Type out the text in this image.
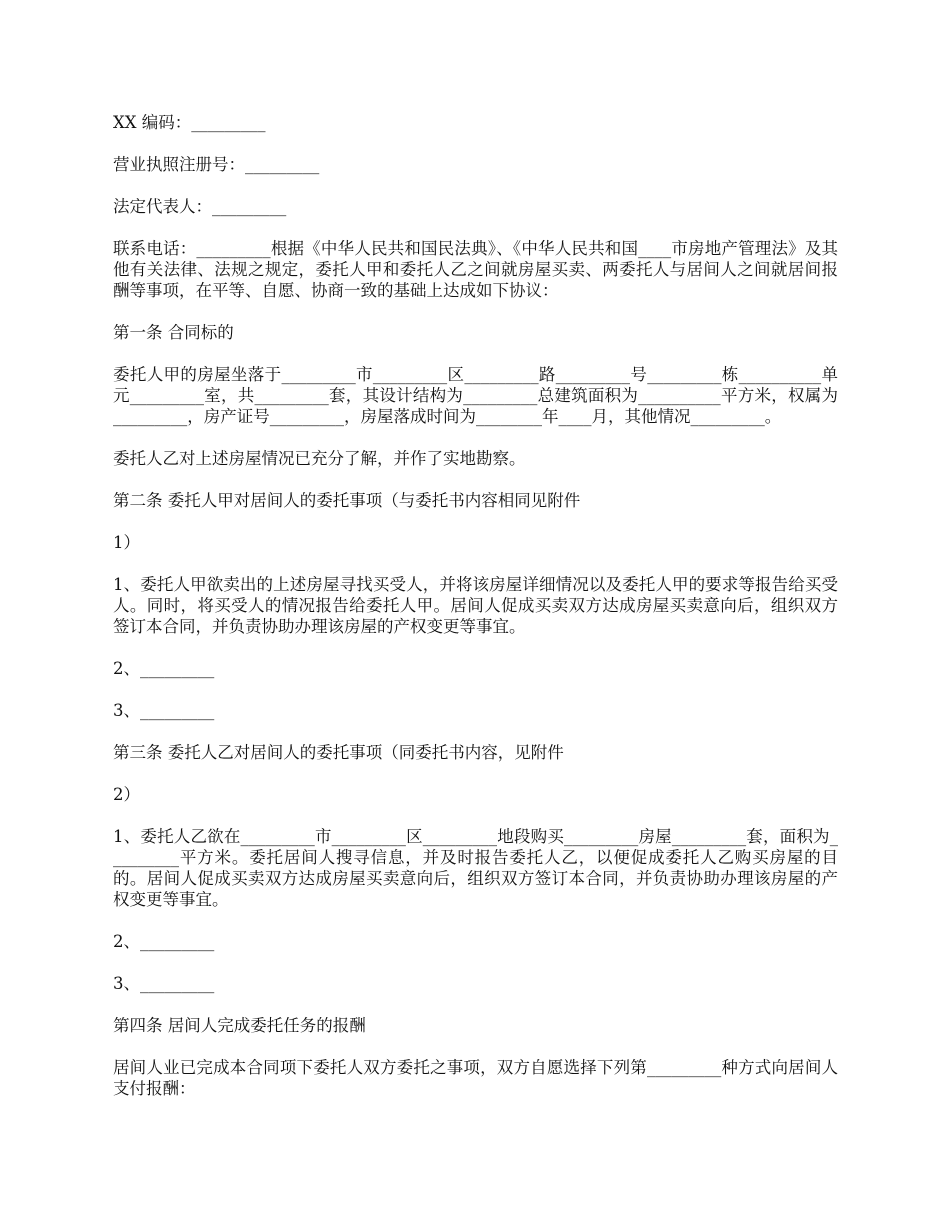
XX 编码：_________

营业执照注册号：_________

法定代表人：_________

联系电话：_________根据《中华人民共和国民法典》、《中华人民共和国____市房地产管理法》及其他有关法律、法规之规定，委托人甲和委托人乙之间就房屋买卖、两委托人与居间人之间就居间报酬等事项，在平等、自愿、协商一致的基础上达成如下协议：

第一条 合同标的

委托人甲的房屋坐落于_________市_________区_________路_________号_________栋__________单元_________室，共_________套，其设计结构为_________总建筑面积为__________平方米，权属为_________，房产证号_________，房屋落成时间为________年____月，其他情况_________。

委托人乙对上述房屋情况已充分了解，并作了实地勘察。

第二条 委托人甲对居间人的委托事项（与委托书内容相同见附件

1）

1、委托人甲欲卖出的上述房屋寻找买受人，并将该房屋详细情况以及委托人甲的要求等报告给买受人。同时，将买受人的情况报告给委托人甲。居间人促成买卖双方达成房屋买卖意向后，组织双方签订本合同，并负责协助办理该房屋的产权变更等事宜。

2、_________

3、_________

第三条 委托人乙对居间人的委托事项（同委托书内容，见附件

2）

1、委托人乙欲在_________市_________区_________地段购买_________房屋_________套，面积为_________平方米。委托居间人搜寻信息，并及时报告委托人乙，以便促成委托人乙购买房屋的目的。居间人促成买卖双方达成房屋买卖意向后，组织双方签订本合同，并负责协助办理该房屋的产权变更等事宜。

2、_________

3、_________

第四条 居间人完成委托任务的报酬

居间人业已完成本合同项下委托人双方委托之事项，双方自愿选择下列第_________种方式向居间人支付报酬：
